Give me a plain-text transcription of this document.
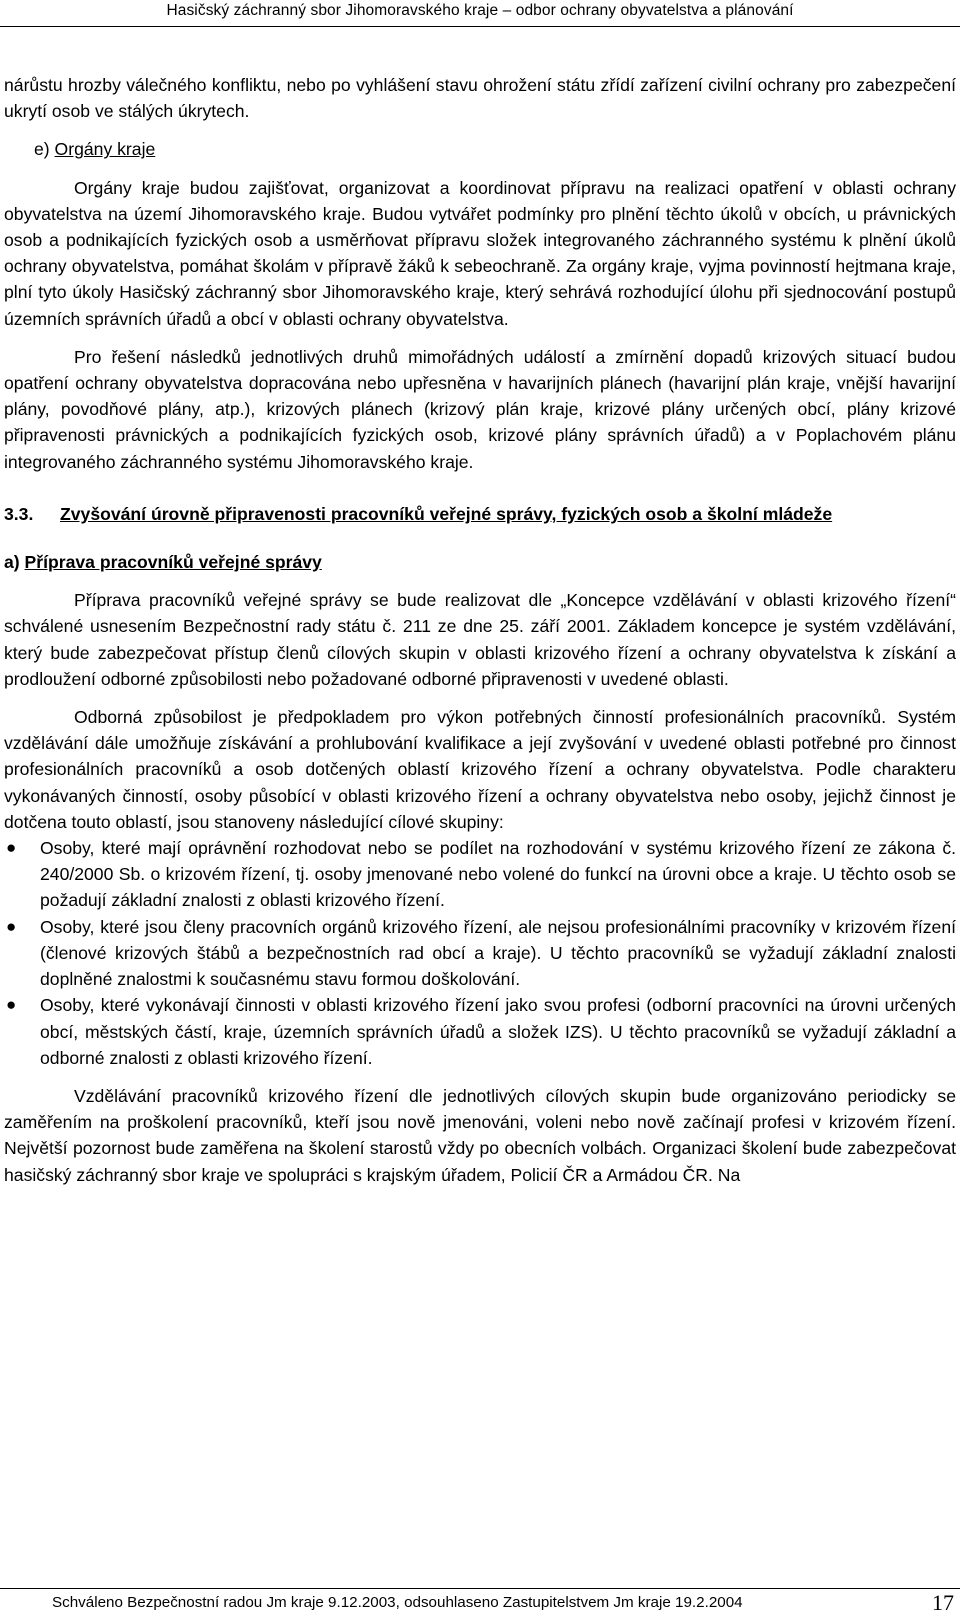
Hasičský záchranný sbor Jihomoravského kraje – odbor ochrany obyvatelstva a plánování

nárůstu hrozby válečného konfliktu, nebo po vyhlášení stavu ohrožení státu zřídí zařízení civilní ochrany pro zabezpečení ukrytí osob ve stálých úkrytech.

e) Orgány kraje

Orgány kraje budou zajišťovat, organizovat a koordinovat přípravu na realizaci opatření v oblasti ochrany obyvatelstva na území Jihomoravského kraje. Budou vytvářet podmínky pro plnění těchto úkolů v obcích, u právnických osob a podnikajících fyzických osob a usměrňovat přípravu složek integrovaného záchranného systému k plnění úkolů ochrany obyvatelstva, pomáhat školám v přípravě žáků k sebeochraně. Za orgány kraje, vyjma povinností hejtmana kraje, plní tyto úkoly Hasičský záchranný sbor Jihomoravského kraje, který sehrává rozhodující úlohu při sjednocování postupů územních správních úřadů a obcí v oblasti ochrany obyvatelstva.

Pro řešení následků jednotlivých druhů mimořádných událostí a zmírnění dopadů krizových situací budou opatření ochrany obyvatelstva dopracována nebo upřesněna v havarijních plánech (havarijní plán kraje, vnější havarijní plány, povodňové plány, atp.), krizových plánech (krizový plán kraje, krizové plány určených obcí, plány krizové připravenosti právnických a podnikajících fyzických osob, krizové plány správních úřadů) a v Poplachovém plánu integrovaného záchranného systému Jihomoravského kraje.

3.3.	Zvyšování úrovně připravenosti pracovníků veřejné správy, fyzických osob a školní mládeže

a) Příprava pracovníků veřejné správy

Příprava pracovníků veřejné správy se bude realizovat dle „Koncepce vzdělávání v oblasti krizového řízení“ schválené usnesením Bezpečnostní rady státu č. 211 ze dne 25. září 2001. Základem koncepce je systém vzdělávání, který bude zabezpečovat přístup členů cílových skupin v oblasti krizového řízení a ochrany obyvatelstva k získání a prodloužení odborné způsobilosti nebo požadované odborné připravenosti v uvedené oblasti.

Odborná způsobilost je předpokladem pro výkon potřebných činností profesionálních pracovníků. Systém vzdělávání dále umožňuje získávání a prohlubování kvalifikace a její zvyšování v uvedené oblasti potřebné pro činnost profesionálních pracovníků a osob dotčených oblastí krizového řízení a ochrany obyvatelstva. Podle charakteru vykonávaných činností, osoby působící v oblasti krizového řízení a ochrany obyvatelstva nebo osoby, jejichž činnost je dotčena touto oblastí, jsou stanoveny následující cílové skupiny:

● Osoby, které mají oprávnění rozhodovat nebo se podílet na rozhodování v systému krizového řízení ze zákona č. 240/2000 Sb. o krizovém řízení, tj. osoby jmenované nebo volené do funkcí na úrovni obce a kraje. U těchto osob se požadují základní znalosti z oblasti krizového řízení.
● Osoby, které jsou členy pracovních orgánů krizového řízení, ale nejsou profesionálními pracovníky v krizovém řízení (členové krizových štábů a bezpečnostních rad obcí a kraje). U těchto pracovníků se vyžadují základní znalosti doplněné znalostmi k současnému stavu formou doškolování.
● Osoby, které vykonávají činnosti v oblasti krizového řízení jako svou profesi (odborní pracovníci na úrovni určených obcí, městských částí, kraje, územních správních úřadů a složek IZS). U těchto pracovníků se vyžadují základní a odborné znalosti z oblasti krizového řízení.

Vzdělávání pracovníků krizového řízení dle jednotlivých cílových skupin bude organizováno periodicky se zaměřením na proškolení pracovníků, kteří jsou nově jmenováni, voleni nebo nově začínají profesi v krizovém řízení. Největší pozornost bude zaměřena na školení starostů vždy po obecních volbách. Organizaci školení bude zabezpečovat hasičský záchranný sbor kraje ve spolupráci s krajským úřadem, Policií ČR a Armádou ČR. Na

Schváleno Bezpečnostní radou Jm kraje 9.12.2003, odsouhlaseno Zastupitelstvem Jm kraje 19.2.2004	17
